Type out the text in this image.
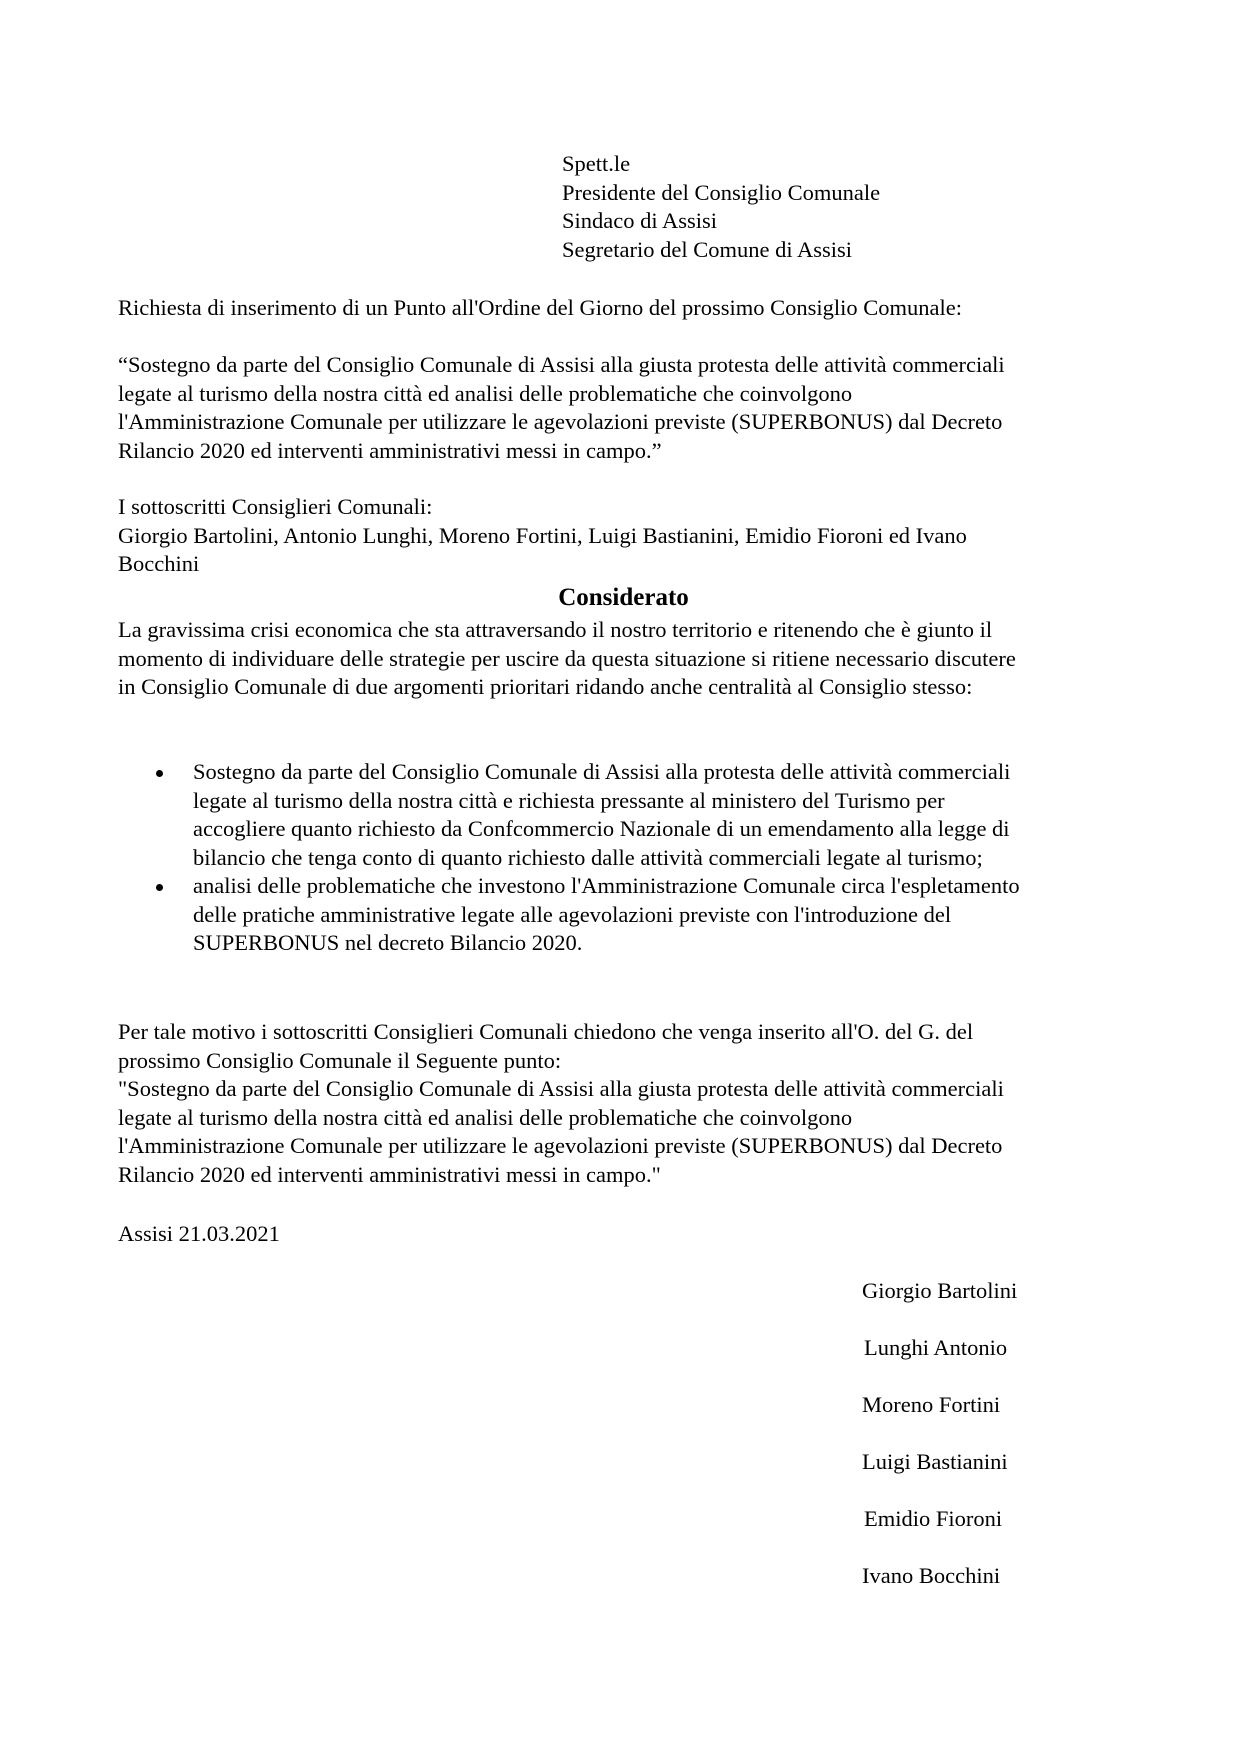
Spett.le
Presidente del Consiglio Comunale
Sindaco di Assisi
Segretario del Comune di Assisi
Richiesta di inserimento di un Punto all'Ordine del Giorno del prossimo Consiglio Comunale:
“Sostegno da parte del Consiglio Comunale di Assisi alla giusta protesta delle attività commerciali
legate al turismo della nostra città ed analisi delle problematiche che coinvolgono
l'Amministrazione Comunale per utilizzare le agevolazioni previste (SUPERBONUS) dal Decreto
Rilancio 2020 ed interventi amministrativi messi in campo.”
I sottoscritti Consiglieri Comunali:
Giorgio Bartolini, Antonio Lunghi, Moreno Fortini, Luigi Bastianini, Emidio Fioroni ed Ivano
Bocchini
Considerato
La gravissima crisi economica che sta attraversando il nostro territorio e ritenendo che è giunto il
momento di individuare delle strategie per uscire da questa situazione si ritiene necessario discutere
in Consiglio Comunale di due argomenti prioritari ridando anche centralità al Consiglio stesso:
Sostegno da parte del Consiglio Comunale di Assisi alla protesta delle attività commerciali
legate al turismo della nostra città e richiesta pressante al ministero del Turismo per
accogliere quanto richiesto da Confcommercio Nazionale di un emendamento alla legge di
bilancio che tenga conto di quanto richiesto dalle attività commerciali legate al turismo;
analisi delle problematiche che investono l'Amministrazione Comunale circa l'espletamento
delle pratiche amministrative legate alle agevolazioni previste con l'introduzione del
SUPERBONUS nel decreto Bilancio 2020.
Per tale motivo i sottoscritti Consiglieri Comunali chiedono che venga inserito all'O. del G. del
prossimo Consiglio Comunale il Seguente punto:
"Sostegno da parte del Consiglio Comunale di Assisi alla giusta protesta delle attività commerciali
legate al turismo della nostra città ed analisi delle problematiche che coinvolgono
l'Amministrazione Comunale per utilizzare le agevolazioni previste (SUPERBONUS) dal Decreto
Rilancio 2020 ed interventi amministrativi messi in campo."
Assisi 21.03.2021
Giorgio Bartolini
Lunghi Antonio
Moreno Fortini
Luigi Bastianini
Emidio Fioroni
Ivano Bocchini
